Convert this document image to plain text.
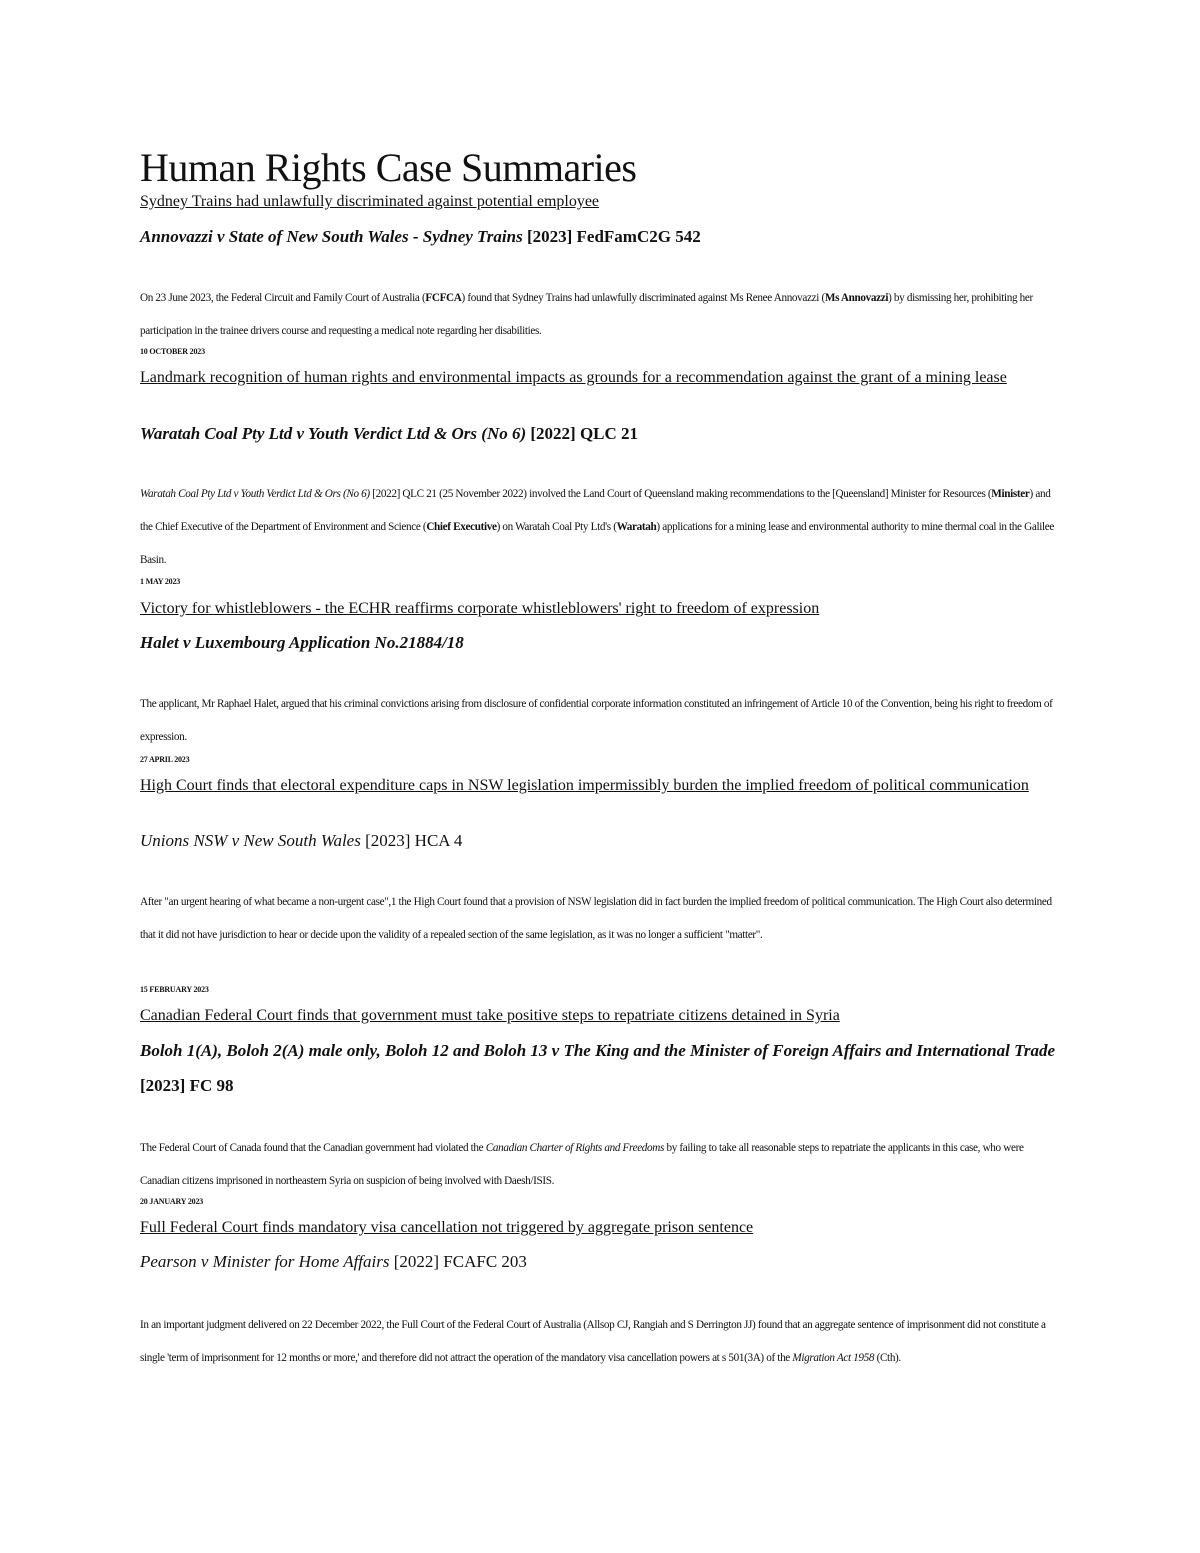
Human Rights Case Summaries
Sydney Trains had unlawfully discriminated against potential employee
Annovazzi v State of New South Wales - Sydney Trains [2023] FedFamC2G 542
On 23 June 2023, the Federal Circuit and Family Court of Australia (FCFCA) found that Sydney Trains had unlawfully discriminated against Ms Renee Annovazzi (Ms Annovazzi) by dismissing her, prohibiting her participation in the trainee drivers course and requesting a medical note regarding her disabilities.
10 OCTOBER 2023
Landmark recognition of human rights and environmental impacts as grounds for a recommendation against the grant of a mining lease
Waratah Coal Pty Ltd v Youth Verdict Ltd & Ors (No 6) [2022] QLC 21
Waratah Coal Pty Ltd v Youth Verdict Ltd & Ors (No 6) [2022] QLC 21 (25 November 2022) involved the Land Court of Queensland making recommendations to the [Queensland] Minister for Resources (Minister) and the Chief Executive of the Department of Environment and Science (Chief Executive) on Waratah Coal Pty Ltd's (Waratah) applications for a mining lease and environmental authority to mine thermal coal in the Galilee Basin.
1 MAY 2023
Victory for whistleblowers - the ECHR reaffirms corporate whistleblowers' right to freedom of expression
Halet v Luxembourg Application No.21884/18
The applicant, Mr Raphael Halet, argued that his criminal convictions arising from disclosure of confidential corporate information constituted an infringement of Article 10 of the Convention, being his right to freedom of expression.
27 APRIL 2023
High Court finds that electoral expenditure caps in NSW legislation impermissibly burden the implied freedom of political communication
Unions NSW v New South Wales [2023] HCA 4
After "an urgent hearing of what became a non-urgent case",1 the High Court found that a provision of NSW legislation did in fact burden the implied freedom of political communication. The High Court also determined that it did not have jurisdiction to hear or decide upon the validity of a repealed section of the same legislation, as it was no longer a sufficient "matter".
15 FEBRUARY 2023
Canadian Federal Court finds that government must take positive steps to repatriate citizens detained in Syria
Boloh 1(A), Boloh 2(A) male only, Boloh 12 and Boloh 13 v The King and the Minister of Foreign Affairs and International Trade [2023] FC 98
The Federal Court of Canada found that the Canadian government had violated the Canadian Charter of Rights and Freedoms by failing to take all reasonable steps to repatriate the applicants in this case, who were Canadian citizens imprisoned in northeastern Syria on suspicion of being involved with Daesh/ISIS.
20 JANUARY 2023
Full Federal Court finds mandatory visa cancellation not triggered by aggregate prison sentence
Pearson v Minister for Home Affairs [2022] FCAFC 203
In an important judgment delivered on 22 December 2022, the Full Court of the Federal Court of Australia (Allsop CJ, Rangiah and S Derrington JJ) found that an aggregate sentence of imprisonment did not constitute a single 'term of imprisonment for 12 months or more,' and therefore did not attract the operation of the mandatory visa cancellation powers at s 501(3A) of the Migration Act 1958 (Cth).
